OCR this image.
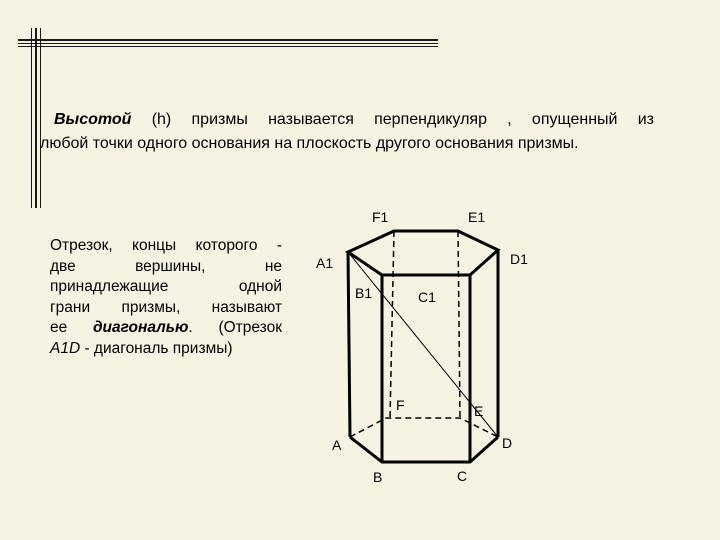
Высотой (h) призмы называется перпендикуляр , опущенный из
любой точки одного основания на плоскость другого основания призмы.

Отрезок, концы которого -
две вершины, не
принадлежащие одной
грани призмы, называют
ее диагональю. (Отрезок
A1D - диагональ призмы)

F1	E1
A1	D1
B1	C1
F	E
A	D
B	C
